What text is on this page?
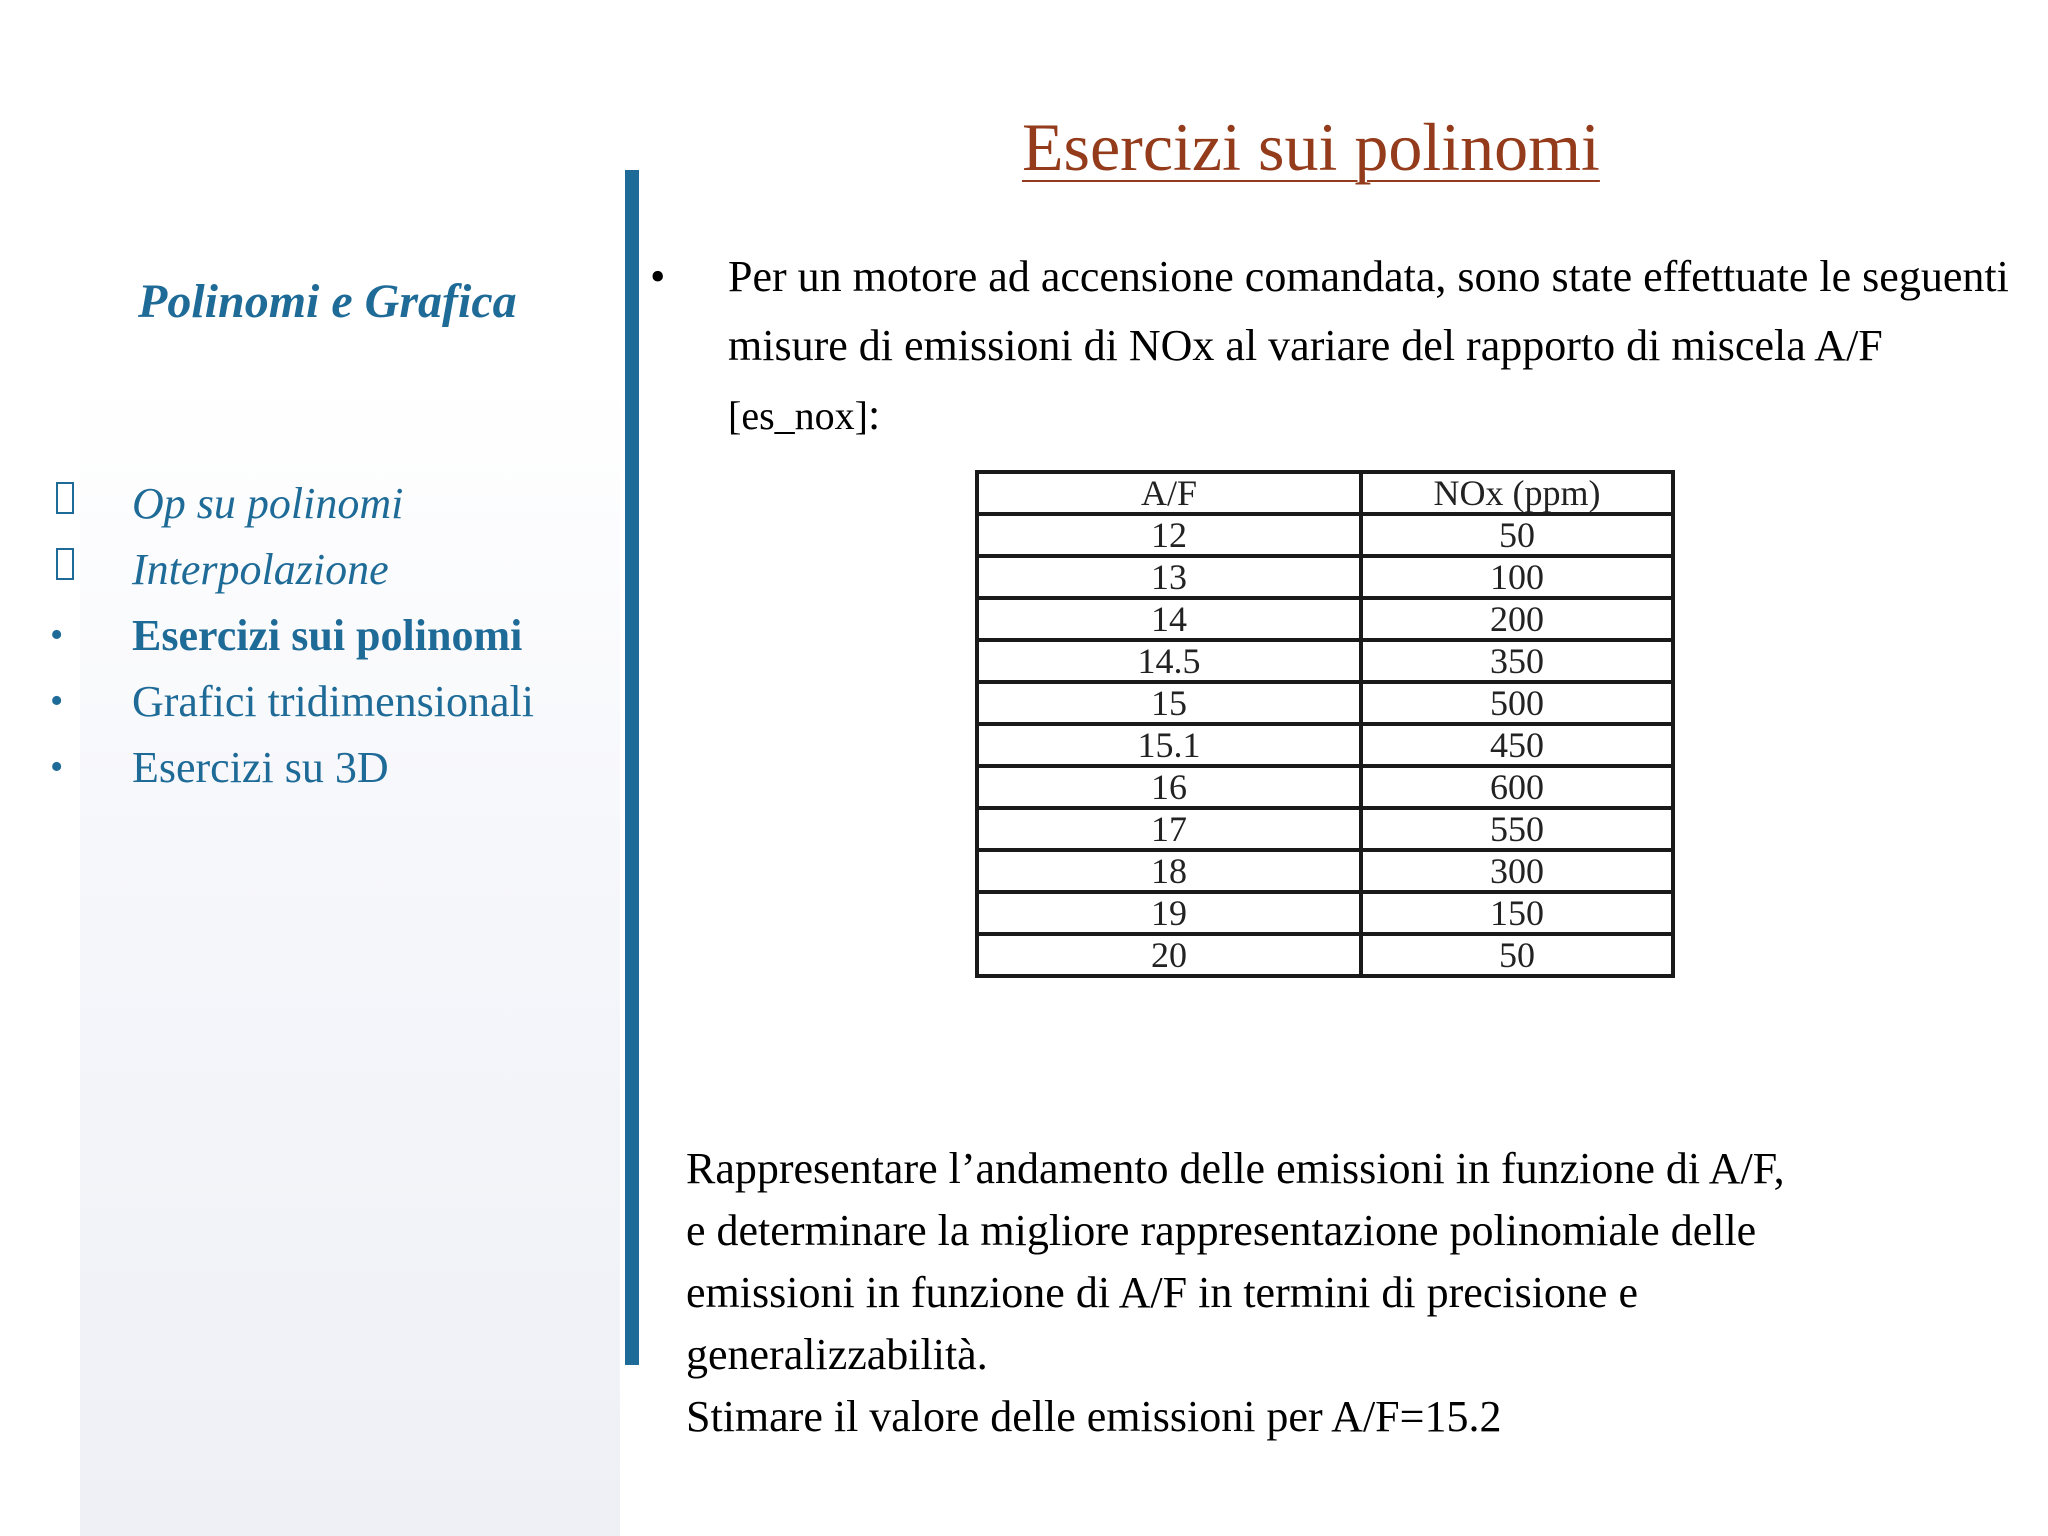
Esercizi sui polinomi
Polinomi e Grafica
Op su polinomi
Interpolazione
•	Esercizi sui polinomi
•	Grafici tridimensionali
•	Esercizi su 3D

• Per un motore ad accensione comandata, sono state effettuate le seguenti misure di emissioni di NOx al variare del rapporto di miscela A/F [es_nox]:

A/F	NOx (ppm)
12	50
13	100
14	200
14.5	350
15	500
15.1	450
16	600
17	550
18	300
19	150
20	50

Rappresentare l’andamento delle emissioni in funzione di A/F,
e determinare la migliore rappresentazione polinomiale delle
emissioni in funzione di A/F in termini di precisione e
generalizzabilità.
Stimare il valore delle emissioni per A/F=15.2
